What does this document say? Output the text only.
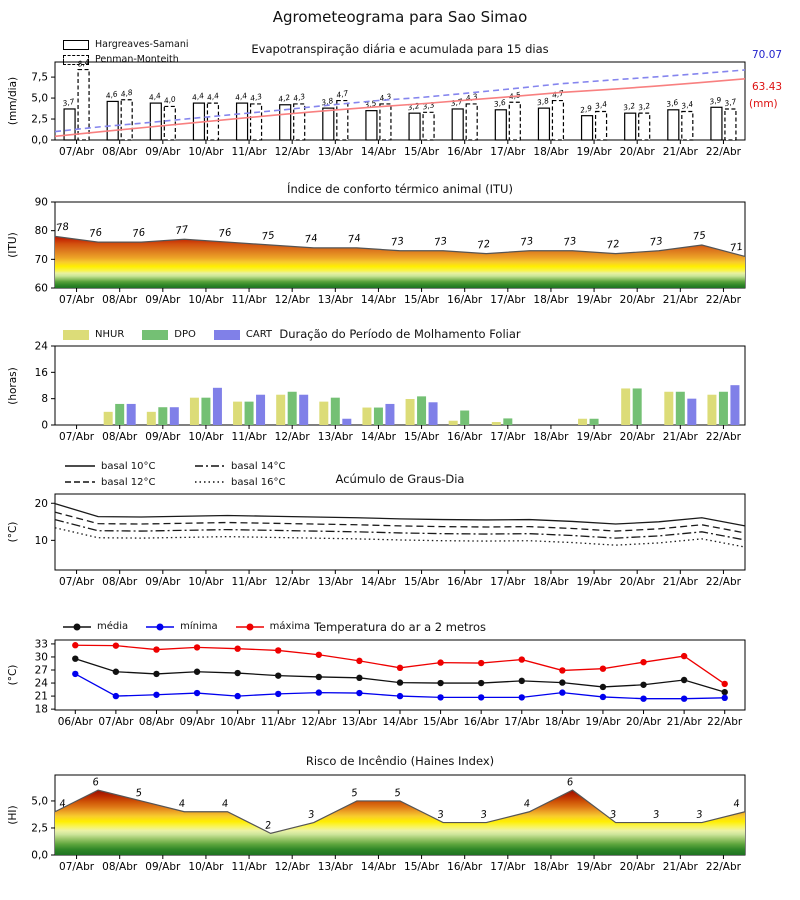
Agrometeograma para Sao Simao
Evapotranspiração diária e acumulada para 15 dias
Índice de conforto térmico animal (ITU)
Duração do Período de Molhamento Foliar
Acúmulo de Graus-Dia
Temperatura do ar a 2 metros
Risco de Incêndio (Haines Index)
Hargreaves-Samani
Penman-Monteith
NHUR	DPO	CART
basal 10°C
basal 12°C
basal 14°C
basal 16°C
média	mínima	máxima
(mm/dia)
(ITU)
(horas)
(°C)
(°C)
(HI)
70.07
63.43
(mm)
0,0
2,5
5,0
7,5
07/Abr 08/Abr 09/Abr 10/Abr 11/Abr 12/Abr 13/Abr 14/Abr 15/Abr 16/Abr 17/Abr 18/Abr 19/Abr 20/Abr 21/Abr 22/Abr
3,7
8,4
4,6 4,8 4,4 4,0 4,4 4,4 4,4 4,3 4,2 4,3 3,8
4,7
3,5
4,3
3,2 3,3 3,7 4,3
3,6
4,5
3,8
4,7
2,9 3,4 3,2 3,2 3,6 3,4 3,9 3,7
60
70
80
90
07/Abr 08/Abr 09/Abr 10/Abr 11/Abr 12/Abr 13/Abr 14/Abr 15/Abr 16/Abr 17/Abr 18/Abr 19/Abr 20/Abr 21/Abr 22/Abr
78 76	76	77	76	75	74	74	73	73	72	73	73	72	73	75
71
0
8
16
24
07/Abr 08/Abr 09/Abr 10/Abr 11/Abr 12/Abr 13/Abr 14/Abr 15/Abr 16/Abr 17/Abr 18/Abr 19/Abr 20/Abr 21/Abr 22/Abr
10
20
07/Abr 08/Abr 09/Abr 10/Abr 11/Abr 12/Abr 13/Abr 14/Abr 15/Abr 16/Abr 17/Abr 18/Abr 19/Abr 20/Abr 21/Abr 22/Abr
18
21
24
27
30
33
06/Abr 07/Abr 08/Abr 09/Abr 10/Abr 11/Abr 12/Abr 13/Abr 14/Abr 15/Abr 16/Abr 17/Abr 18/Abr 19/Abr 20/Abr 21/Abr 22/Abr
0,0
2,5
5,0
07/Abr 08/Abr 09/Abr 10/Abr 11/Abr 12/Abr 13/Abr 14/Abr 15/Abr 16/Abr 17/Abr 18/Abr 19/Abr 20/Abr 21/Abr 22/Abr
4
6
5
4	4
2
3
5	5
3	3
4
6
3	3	3
4
